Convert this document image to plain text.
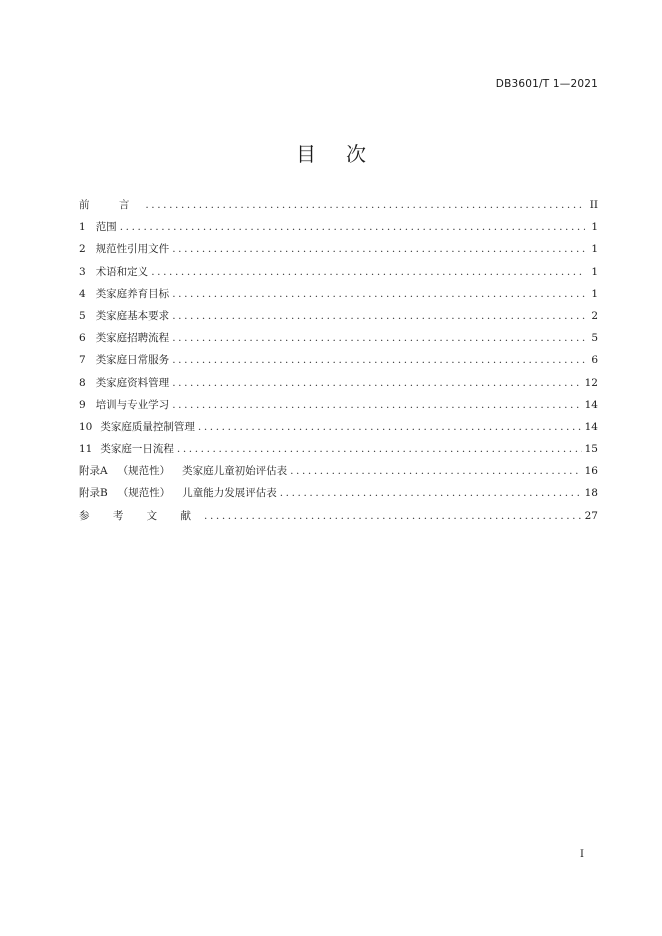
DB3601/T 1—2021
目 次
前 言 .....	II
1 范围 .....	1
2 规范性引用文件 .....	1
3 术语和定义 .....	1
4 类家庭养育目标 .....	1
5 类家庭基本要求 .....	2
6 类家庭招聘流程 .....	5
7 类家庭日常服务 .....	6
8 类家庭资料管理 .....	12
9 培训与专业学习 .....	14
10 类家庭质量控制管理 .....	14
11 类家庭一日流程 .....	15
附录A （规范性） 类家庭儿童初始评估表 .....	16
附录B （规范性） 儿童能力发展评估表 .....	18
参 考 文 献 .....	27
I
